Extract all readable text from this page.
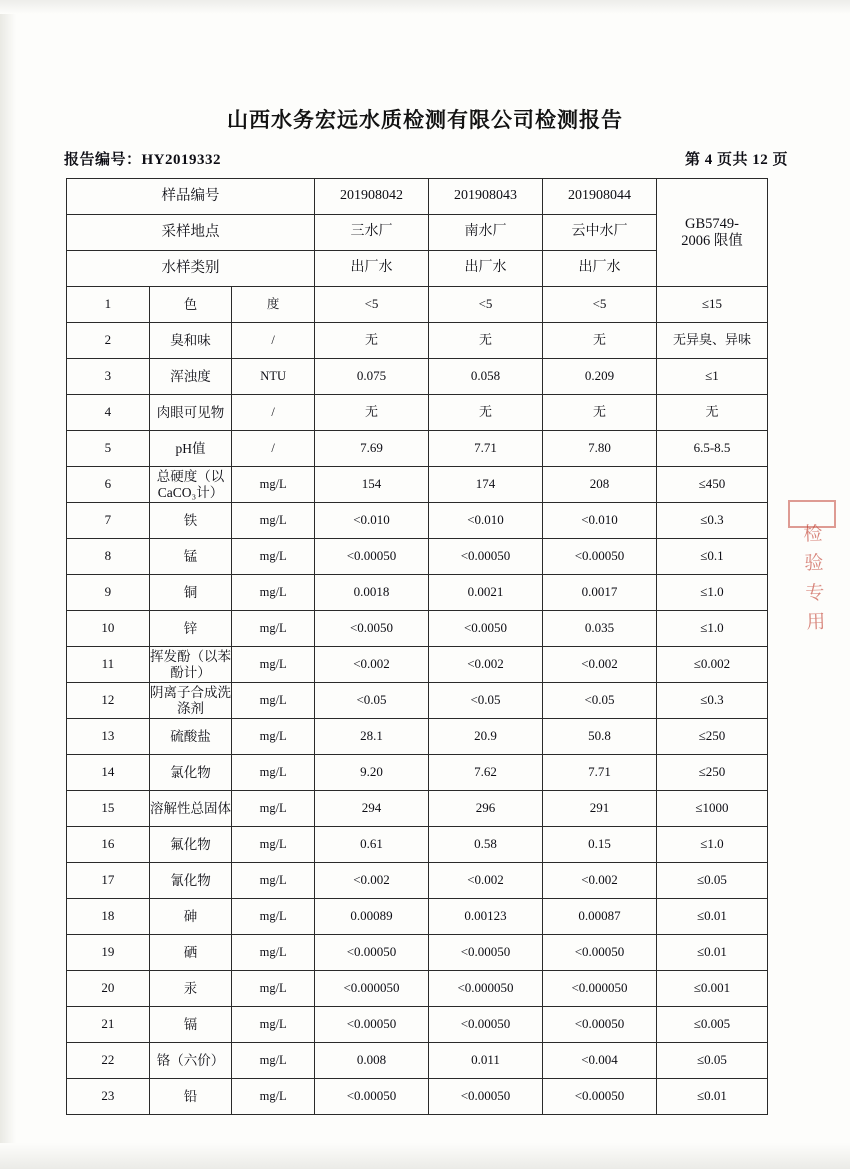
山西水务宏远水质检测有限公司检测报告
报告编号：HY2019332	第 4 页共 12 页
样品编号			201908042	201908043	201908044	GB5749-
2006 限值

采样地点			三水厂	南水厂	云中水厂	
水样类别			出厂水	出厂水	出厂水	
1	色	度	<5	<5	<5	≤15
2	臭和味	/	无	无	无	无异臭、异味
3	浑浊度	NTU	0.075	0.058	0.209	≤1
4	肉眼可见物	/	无	无	无	无
5	pH值	/	7.69	7.71	7.80	6.5-8.5
6	总硬度（以CaCO₃计）	mg/L	154	174	208	≤450
7	铁	mg/L	<0.010	<0.010	<0.010	≤0.3
8	锰	mg/L	<0.00050	<0.00050	<0.00050	≤0.1
9	铜	mg/L	0.0018	0.0021	0.0017	≤1.0
10	锌	mg/L	<0.0050	<0.0050	0.035	≤1.0
11	挥发酚（以苯酚计）	mg/L	<0.002	<0.002	<0.002	≤0.002
12	阴离子合成洗涤剂	mg/L	<0.05	<0.05	<0.05	≤0.3
13	硫酸盐	mg/L	28.1	20.9	50.8	≤250
14	氯化物	mg/L	9.20	7.62	7.71	≤250
15	溶解性总固体	mg/L	294	296	291	≤1000
16	氟化物	mg/L	0.61	0.58	0.15	≤1.0
17	氰化物	mg/L	<0.002	<0.002	<0.002	≤0.05
18	砷	mg/L	0.00089	0.00123	0.00087	≤0.01
19	硒	mg/L	<0.00050	<0.00050	<0.00050	≤0.01
20	汞	mg/L	<0.000050	<0.000050	<0.000050	≤0.001
21	镉	mg/L	<0.00050	<0.00050	<0.00050	≤0.005
22	铬（六价）	mg/L	0.008	0.011	<0.004	≤0.05
23	铅	mg/L	<0.00050	<0.00050	<0.00050	≤0.01
检验专用
